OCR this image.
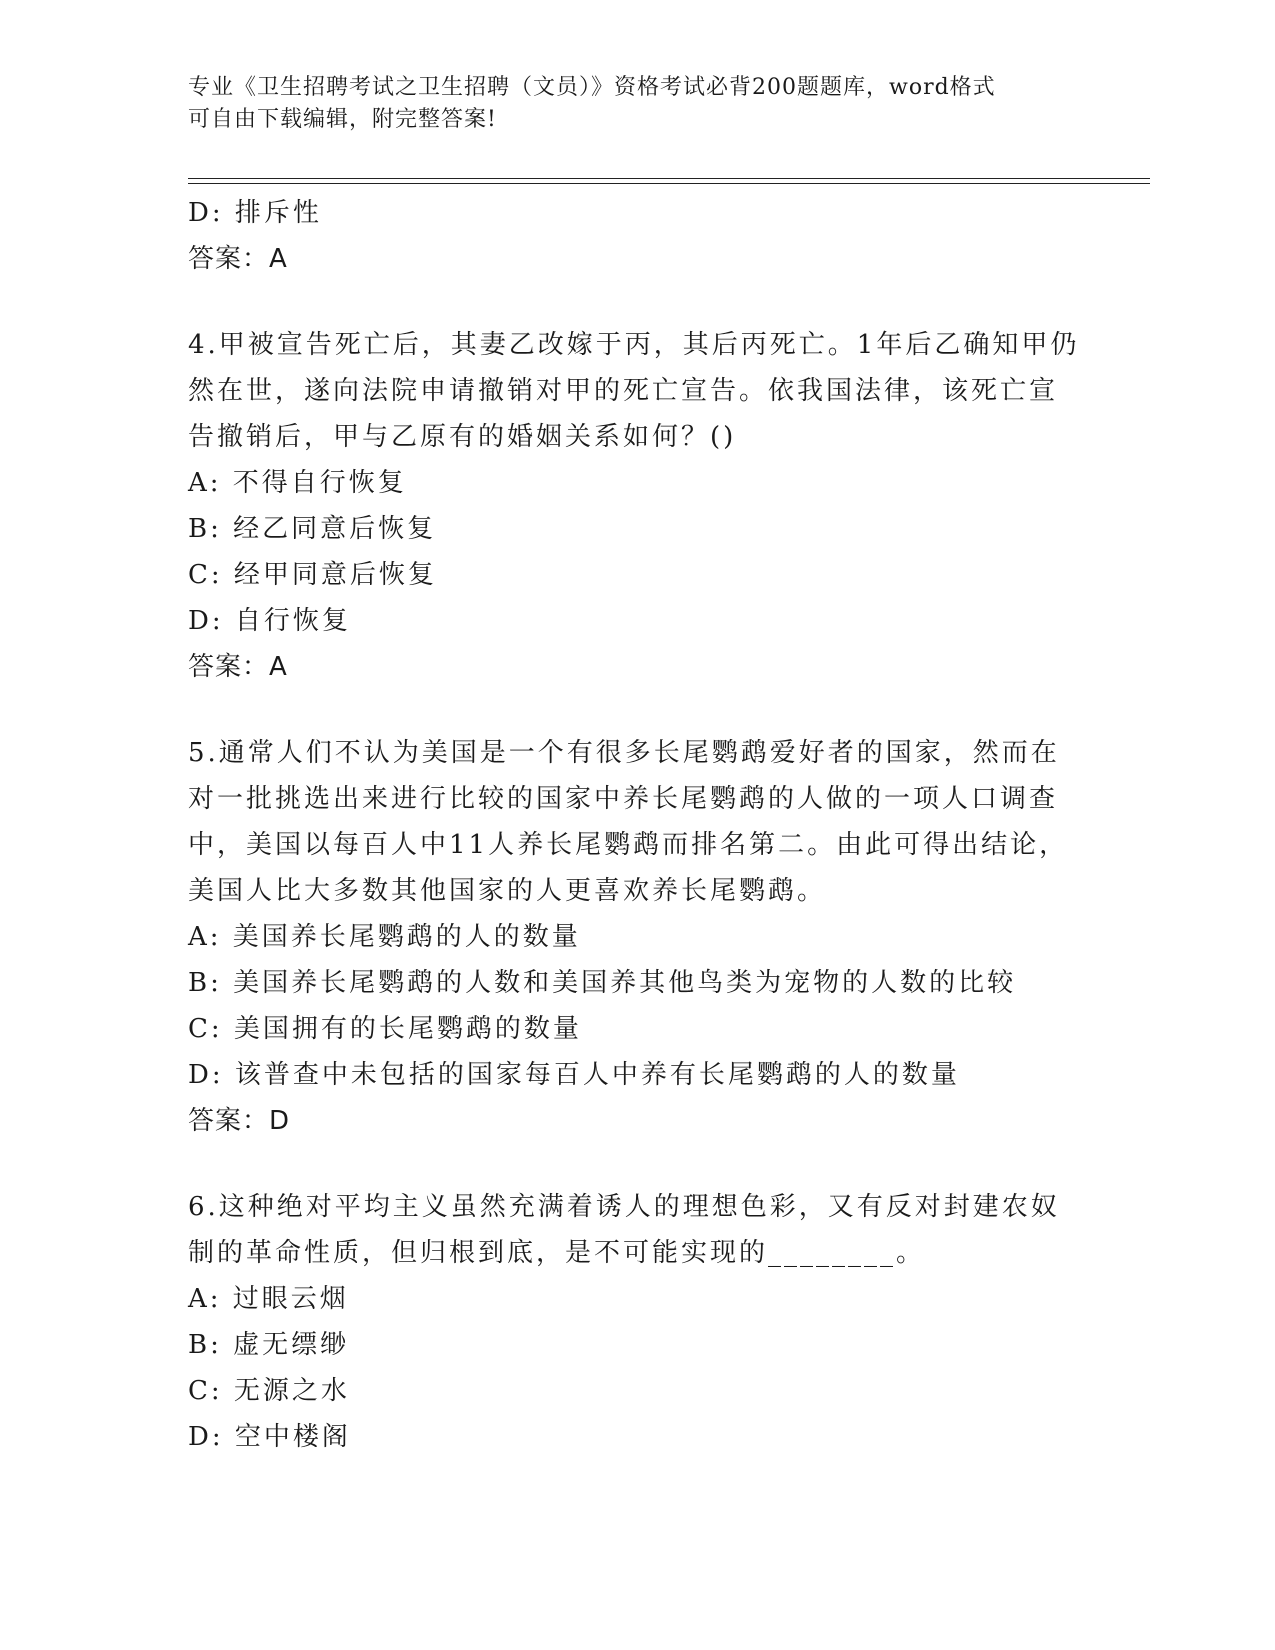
专业《卫生招聘考试之卫生招聘（文员）》资格考试必背200题题库，word格式
可自由下载编辑，附完整答案!
D: 排斥性
答案：A
4.甲被宣告死亡后，其妻乙改嫁于丙，其后丙死亡。1年后乙确知甲仍
然在世，遂向法院申请撤销对甲的死亡宣告。依我国法律，该死亡宣
告撤销后，甲与乙原有的婚姻关系如何？()
A: 不得自行恢复
B: 经乙同意后恢复
C: 经甲同意后恢复
D: 自行恢复
答案：A
5.通常人们不认为美国是一个有很多长尾鹦鹉爱好者的国家，然而在
对一批挑选出来进行比较的国家中养长尾鹦鹉的人做的一项人口调查
中，美国以每百人中11人养长尾鹦鹉而排名第二。由此可得出结论，
美国人比大多数其他国家的人更喜欢养长尾鹦鹉。
A: 美国养长尾鹦鹉的人的数量
B: 美国养长尾鹦鹉的人数和美国养其他鸟类为宠物的人数的比较
C: 美国拥有的长尾鹦鹉的数量
D: 该普查中未包括的国家每百人中养有长尾鹦鹉的人的数量
答案：D
6.这种绝对平均主义虽然充满着诱人的理想色彩，又有反对封建农奴
制的革命性质，但归根到底，是不可能实现的________。
A: 过眼云烟
B: 虚无缥缈
C: 无源之水
D: 空中楼阁
